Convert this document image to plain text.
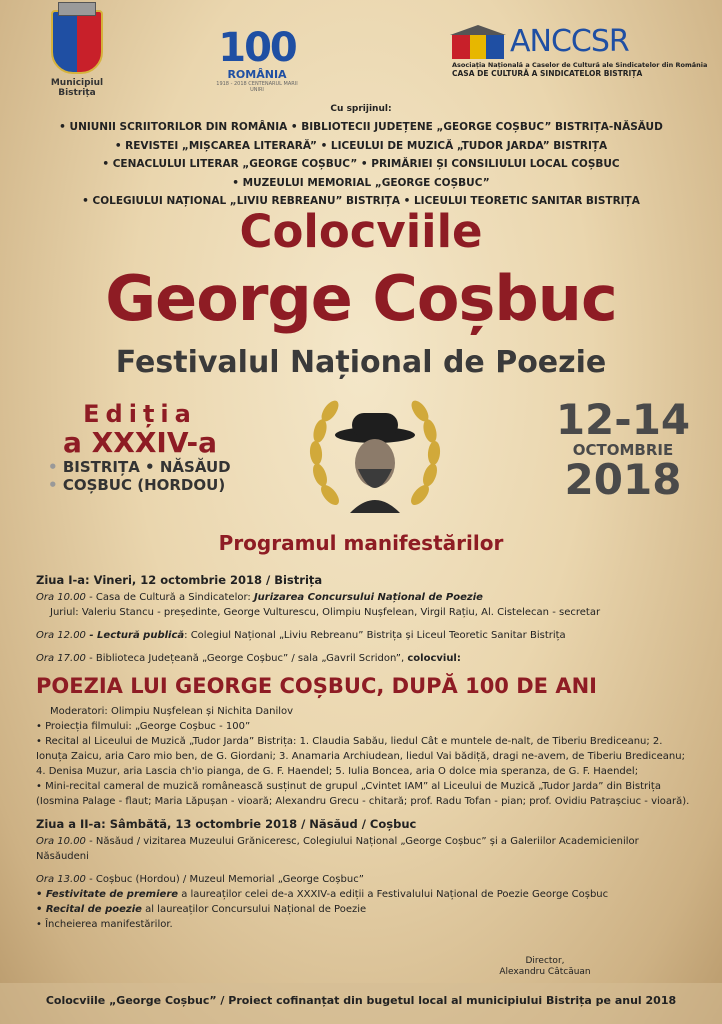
Municipiul Bistrița
100
ROMÂNIA
1918 - 2018 CENTENARUL MARII UNIRI
ANCCSR
Asociația Națională a Caselor de Cultură ale Sindicatelor din România
CASA DE CULTURĂ A SINDICATELOR BISTRIȚA
Cu sprijinul:
• UNIUNII SCRIITORILOR DIN ROMÂNIA • BIBLIOTECII JUDEȚENE „GEORGE COȘBUC” BISTRIȚA-NĂSĂUD
• REVISTEI „MIȘCAREA LITERARĂ” • LICEULUI DE MUZICĂ „TUDOR JARDA” BISTRIȚA
• CENACLULUI LITERAR „GEORGE COȘBUC” • PRIMĂRIEI ȘI CONSILIULUI LOCAL COȘBUC
• MUZEULUI MEMORIAL „GEORGE COȘBUC”
• COLEGIULUI NAȚIONAL „LIVIU REBREANU” BISTRIȚA • LICEULUI TEORETIC SANITAR BISTRIȚA
Colocviile
George Coșbuc
Festivalul Național de Poezie
Ediția
a XXXIV-a
• BISTRIȚA • NĂSĂUD
• COȘBUC (HORDOU)
12-14
OCTOMBRIE
2018
Programul manifestărilor

Ziua I-a: Vineri, 12 octombrie 2018 / Bistrița

Ora 10.00 - Casa de Cultură a Sindicatelor: Jurizarea Concursului Național de Poezie

Juriul: Valeriu Stancu - președinte, George Vulturescu, Olimpiu Nușfelean, Virgil Rațiu, Al. Cistelecan - secretar

Ora 12.00 - Lectură publică: Colegiul Național „Liviu Rebreanu” Bistrița și Liceul Teoretic Sanitar Bistrița

Ora 17.00 - Biblioteca Județeană „George Coșbuc” / sala „Gavril Scridon”, colocviul:

POEZIA LUI GEORGE COȘBUC, DUPĂ 100 DE ANI

Moderatori: Olimpiu Nușfelean și Nichita Danilov

• Proiecția filmului: „George Coșbuc - 100”

• Recital al Liceului de Muzică „Tudor Jarda” Bistrița: 1. Claudia Sabău, liedul Cât e muntele de-nalt, de Tiberiu Brediceanu; 2. Ionuța Zaicu, aria Caro mio ben, de G. Giordani; 3. Anamaria Archiudean, liedul Vai bădiță, dragi ne-avem, de Tiberiu Brediceanu; 4. Denisa Muzur, aria Lascia ch'io pianga, de G. F. Haendel; 5. Iulia Boncea, aria O dolce mia speranza, de G. F. Haendel;

• Mini-recital cameral de muzică românească susținut de grupul „Cvintet IAM” al Liceului de Muzică „Tudor Jarda” din Bistrița (Iosmina Palage - flaut; Maria Lăpușan - vioară; Alexandru Grecu - chitară; prof. Radu Tofan - pian; prof. Ovidiu Patrașciuc - vioară).

Ziua a II-a: Sâmbătă, 13 octombrie 2018 / Năsăud / Coșbuc

Ora 10.00 - Năsăud / vizitarea Muzeului Grăniceresc, Colegiului Național „George Coșbuc” și a Galeriilor Academicienilor Năsăudeni

Ora 13.00 - Coșbuc (Hordou) / Muzeul Memorial „George Coșbuc”

• Festivitate de premiere a laureaților celei de-a XXXIV-a ediții a Festivalului Național de Poezie George Coșbuc

• Recital de poezie al laureaților Concursului Național de Poezie

• Încheierea manifestărilor.

Director,
Alexandru Câtcăuan
Colocviile „George Coșbuc” / Proiect cofinanțat din bugetul local al municipiului Bistrița pe anul 2018
